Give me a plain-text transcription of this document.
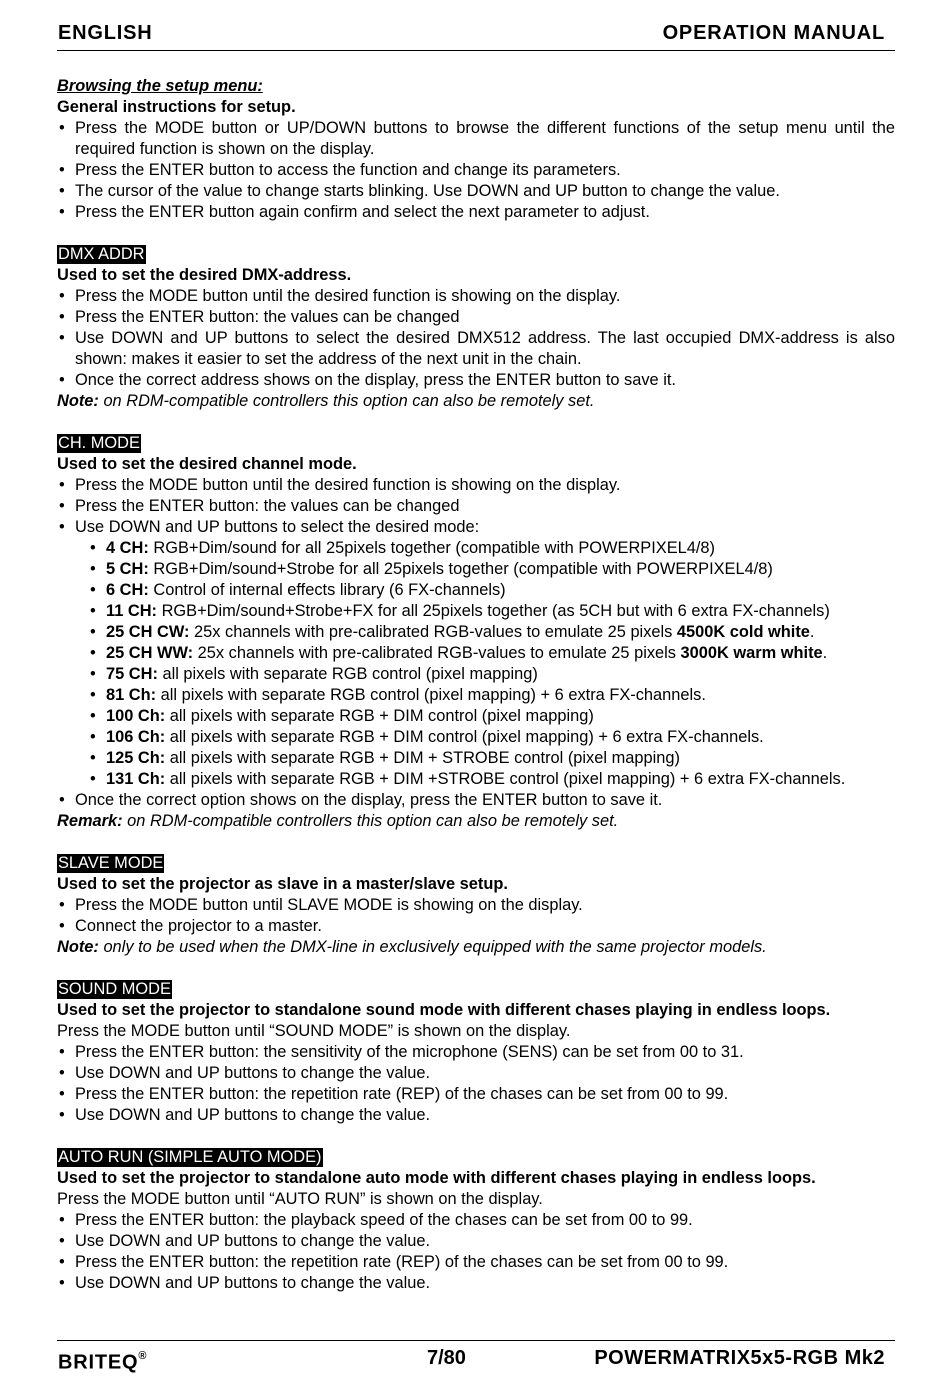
ENGLISH	OPERATION MANUAL
Browsing the setup menu:
General instructions for setup.
• Press the MODE button or UP/DOWN buttons to browse the different functions of the setup menu until the required function is shown on the display.
• Press the ENTER button to access the function and change its parameters.
• The cursor of the value to change starts blinking. Use DOWN and UP button to change the value.
• Press the ENTER button again confirm and select the next parameter to adjust.
DMX ADDR
Used to set the desired DMX-address.
• Press the MODE button until the desired function is showing on the display.
• Press the ENTER button: the values can be changed
• Use DOWN and UP buttons to select the desired DMX512 address. The last occupied DMX-address is also shown: makes it easier to set the address of the next unit in the chain.
• Once the correct address shows on the display, press the ENTER button to save it.
Note: on RDM-compatible controllers this option can also be remotely set.
CH. MODE
Used to set the desired channel mode.
• Press the MODE button until the desired function is showing on the display.
• Press the ENTER button: the values can be changed
• Use DOWN and UP buttons to select the desired mode:
• 4 CH: RGB+Dim/sound for all 25pixels together (compatible with POWERPIXEL4/8)
• 5 CH: RGB+Dim/sound+Strobe for all 25pixels together (compatible with POWERPIXEL4/8)
• 6 CH: Control of internal effects library (6 FX-channels)
• 11 CH: RGB+Dim/sound+Strobe+FX for all 25pixels together (as 5CH but with 6 extra FX-channels)
• 25 CH CW: 25x channels with pre-calibrated RGB-values to emulate 25 pixels 4500K cold white.
• 25 CH WW: 25x channels with pre-calibrated RGB-values to emulate 25 pixels 3000K warm white.
• 75 CH: all pixels with separate RGB control (pixel mapping)
• 81 Ch: all pixels with separate RGB control (pixel mapping) + 6 extra FX-channels.
• 100 Ch: all pixels with separate RGB + DIM control (pixel mapping)
• 106 Ch: all pixels with separate RGB + DIM control (pixel mapping) + 6 extra FX-channels.
• 125 Ch: all pixels with separate RGB + DIM + STROBE control (pixel mapping)
• 131 Ch: all pixels with separate RGB + DIM +STROBE control (pixel mapping) + 6 extra FX-channels.
• Once the correct option shows on the display, press the ENTER button to save it.
Remark: on RDM-compatible controllers this option can also be remotely set.
SLAVE MODE
Used to set the projector as slave in a master/slave setup.
• Press the MODE button until SLAVE MODE is showing on the display.
• Connect the projector to a master.
Note: only to be used when the DMX-line in exclusively equipped with the same projector models.
SOUND MODE
Used to set the projector to standalone sound mode with different chases playing in endless loops.
Press the MODE button until “SOUND MODE” is shown on the display.
• Press the ENTER button: the sensitivity of the microphone (SENS) can be set from 00 to 31.
• Use DOWN and UP buttons to change the value.
• Press the ENTER button: the repetition rate (REP) of the chases can be set from 00 to 99.
• Use DOWN and UP buttons to change the value.
AUTO RUN (SIMPLE AUTO MODE)
Used to set the projector to standalone auto mode with different chases playing in endless loops.
Press the MODE button until “AUTO RUN” is shown on the display.
• Press the ENTER button: the playback speed of the chases can be set from 00 to 99.
• Use DOWN and UP buttons to change the value.
• Press the ENTER button: the repetition rate (REP) of the chases can be set from 00 to 99.
• Use DOWN and UP buttons to change the value.
BRITEQ®	7/80	POWERMATRIX5x5-RGB Mk2
